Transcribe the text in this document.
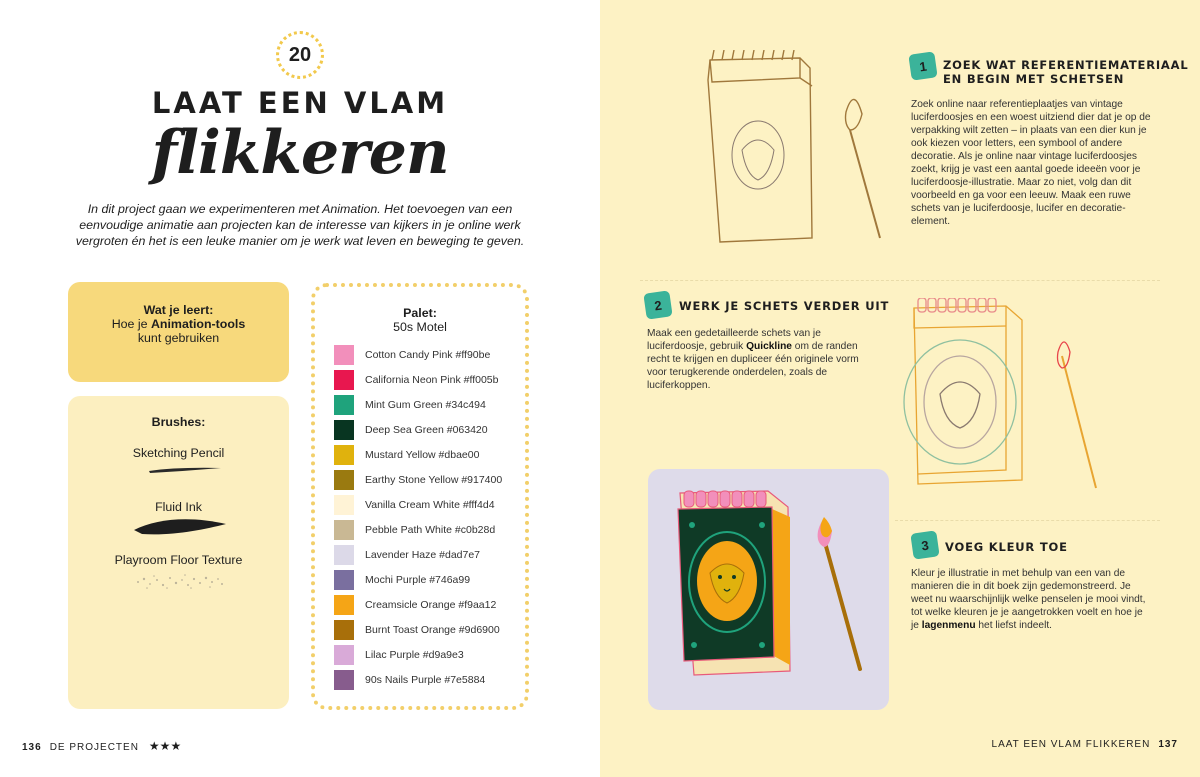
20
LAAT EEN VLAM
flikkeren

In dit project gaan we experimenteren met Animation. Het toevoegen van een eenvoudige animatie aan projecten kan de interesse van kijkers in je online werk vergroten én het is een leuke manier om je werk wat leven en beweging te geven.

Wat je leert:
Hoe je Animation-tools
kunt gebruiken
Brushes:
Sketching Pencil
Fluid Ink
Playroom Floor Texture
Palet:
50s Motel
Cotton Candy Pink #ff90be
California Neon Pink #ff005b
Mint Gum Green #34c494
Deep Sea Green #063420
Mustard Yellow #dbae00
Earthy Stone Yellow #917400
Vanilla Cream White #fff4d4
Pebble Path White #c0b28d
Lavender Haze #dad7e7
Mochi Purple #746a99
Creamsicle Orange #f9aa12
Burnt Toast Orange #9d6900
Lilac Purple #d9a9e3
90s Nails Purple #7e5884
136 DE PROJECTEN ★★★
1 ZOEK WAT REFERENTIEMATERIAAL
EN BEGIN MET SCHETSEN

Zoek online naar referentieplaatjes van vintage luciferdoosjes en een woest uitziend dier dat je op de verpakking wilt zetten – in plaats van een dier kun je ook kiezen voor letters, een symbool of andere decoratie. Als je online naar vintage luciferdoosjes zoekt, krijg je vast een aantal goede ideeën voor je luciferdoosje-illustratie. Maar zo niet, volg dan dit voorbeeld en ga voor een leeuw. Maak een ruwe schets van je luciferdoosje, lucifer en decoratie-element.

2 WERK JE SCHETS VERDER UIT

Maak een gedetailleerde schets van je luciferdoosje, gebruik Quickline om de randen recht te krijgen en dupliceer één originele vorm voor terugkerende onderdelen, zoals de luciferkoppen.

3 VOEG KLEUR TOE

Kleur je illustratie in met behulp van een van de manieren die in dit boek zijn gedemonstreerd. Je weet nu waarschijnlijk welke penselen je mooi vindt, tot welke kleuren je je aangetrokken voelt en hoe je je lagenmenu het liefst indeelt.

LAAT EEN VLAM FLIKKEREN 137
